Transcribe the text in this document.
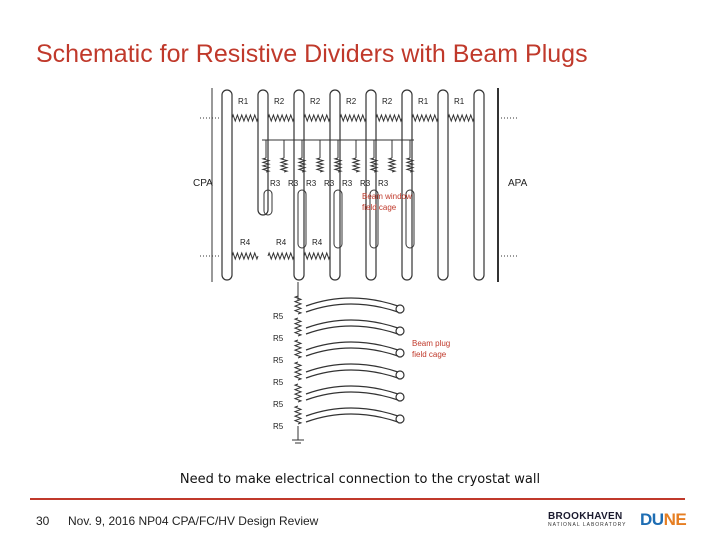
Schematic for Resistive Dividers with Beam Plugs
R1	R2	R2	R2	R2	R1	R1
R3 R3 R3 R3 R3 R3 R3
R4	R4	R4
R5
R5
R5
R5
R5
R5
CPA	APA
Beam window
field cage
Beam plug
field cage
Need to make electrical connection to the cryostat wall
30 Nov. 9, 2016 NP04 CPA/FC/HV Design Review	BROOKHAVEN
NATIONAL LABORATORY DUNE
